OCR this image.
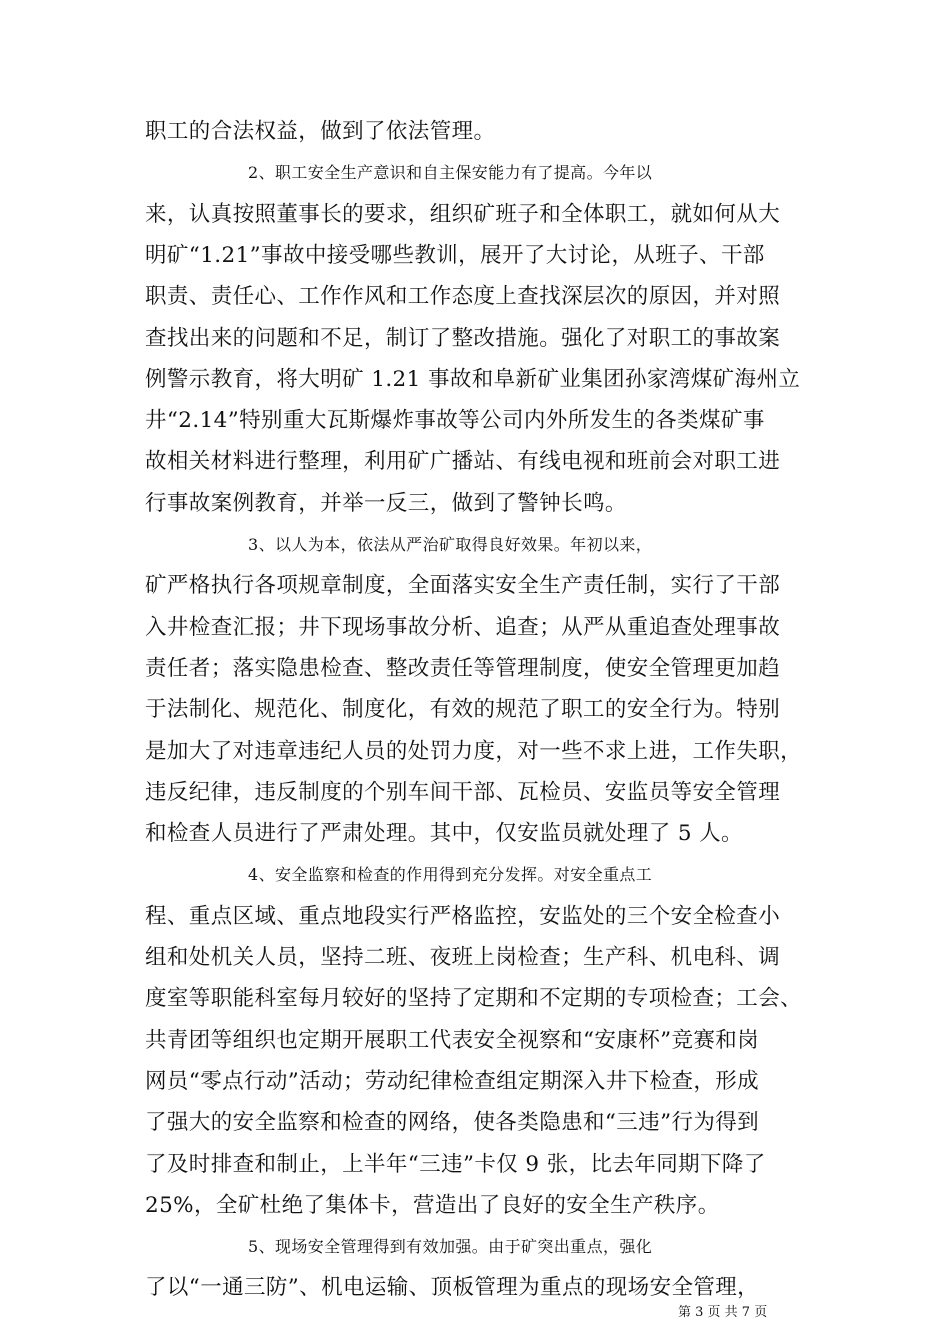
职工的合法权益，做到了依法管理。
2、职工安全生产意识和自主保安能力有了提高。今年以
来，认真按照董事长的要求，组织矿班子和全体职工，就如何从大
明矿“1.21”事故中接受哪些教训，展开了大讨论，从班子、干部
职责、责任心、工作作风和工作态度上查找深层次的原因，并对照
查找出来的问题和不足，制订了整改措施。强化了对职工的事故案
例警示教育，将大明矿 1.21 事故和阜新矿业集团孙家湾煤矿海州立
井“2.14”特别重大瓦斯爆炸事故等公司内外所发生的各类煤矿事
故相关材料进行整理，利用矿广播站、有线电视和班前会对职工进
行事故案例教育，并举一反三，做到了警钟长鸣。
3、以人为本，依法从严治矿取得良好效果。年初以来，
矿严格执行各项规章制度，全面落实安全生产责任制，实行了干部
入井检查汇报；井下现场事故分析、追查；从严从重追查处理事故
责任者；落实隐患检查、整改责任等管理制度，使安全管理更加趋
于法制化、规范化、制度化，有效的规范了职工的安全行为。特别
是加大了对违章违纪人员的处罚力度，对一些不求上进，工作失职，
违反纪律，违反制度的个别车间干部、瓦检员、安监员等安全管理
和检查人员进行了严肃处理。其中，仅安监员就处理了 5 人。
4、安全监察和检查的作用得到充分发挥。对安全重点工
程、重点区域、重点地段实行严格监控，安监处的三个安全检查小
组和处机关人员，坚持二班、夜班上岗检查；生产科、机电科、调
度室等职能科室每月较好的坚持了定期和不定期的专项检查；工会、
共青团等组织也定期开展职工代表安全视察和“安康杯”竞赛和岗
网员“零点行动”活动；劳动纪律检查组定期深入井下检查，形成
了强大的安全监察和检查的网络，使各类隐患和“三违”行为得到
了及时排查和制止，上半年“三违”卡仅 9 张，比去年同期下降了
25%，全矿杜绝了集体卡，营造出了良好的安全生产秩序。
5、现场安全管理得到有效加强。由于矿突出重点，强化
了以“一通三防”、机电运输、顶板管理为重点的现场安全管理，
第 3 页 共 7 页
